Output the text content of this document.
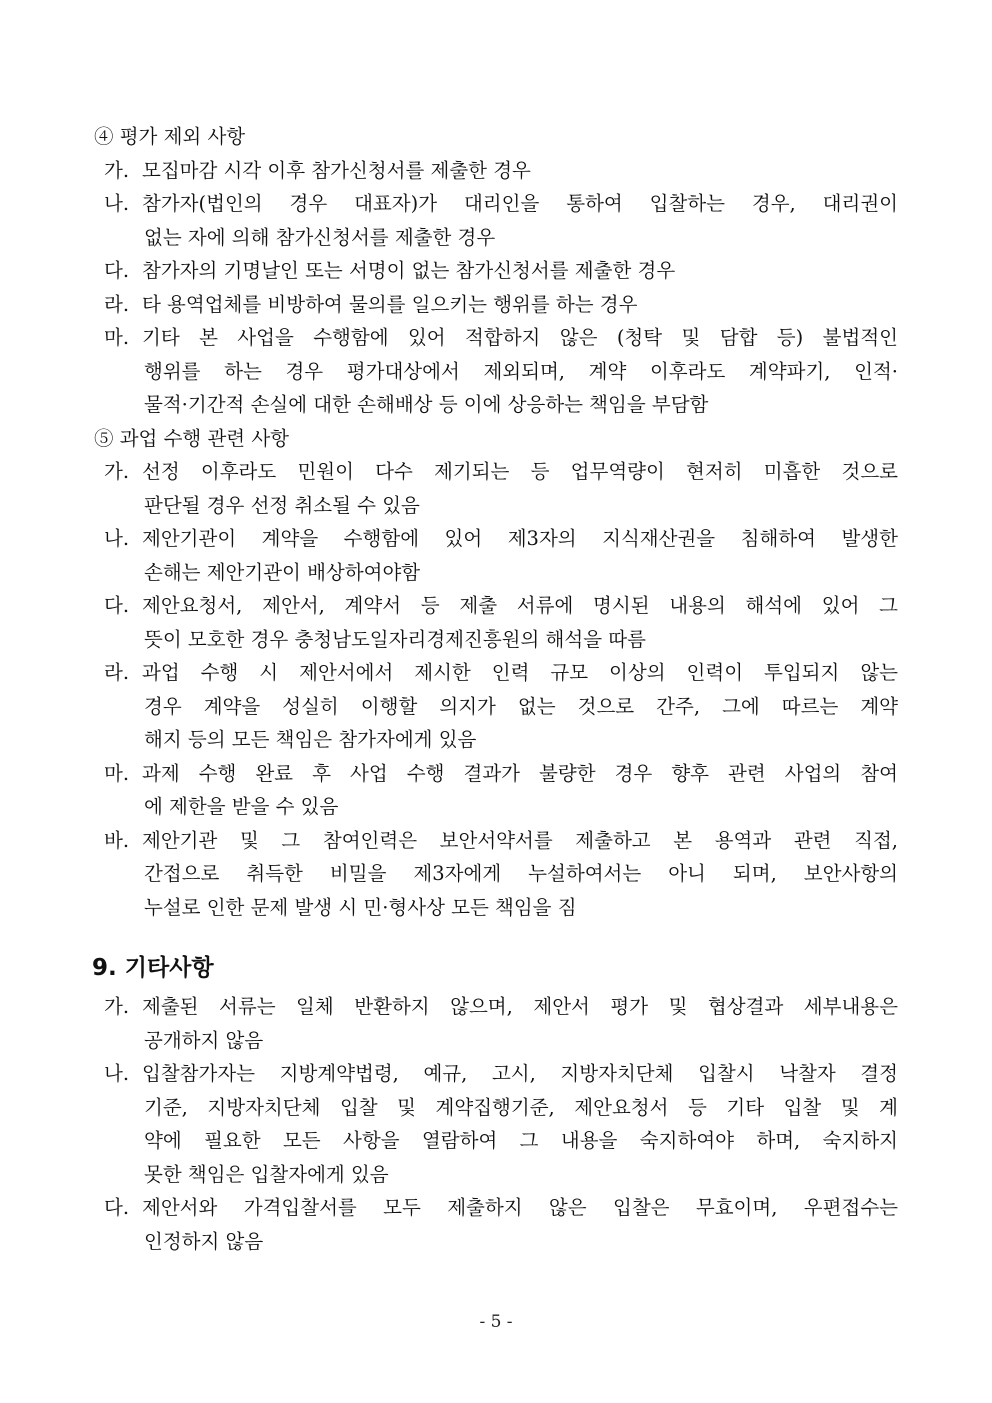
④ 평가 제외 사항
가. 모집마감 시각 이후 참가신청서를 제출한 경우
나. 참가자(법인의 경우 대표자)가 대리인을 통하여 입찰하는 경우, 대리권이
없는 자에 의해 참가신청서를 제출한 경우
다. 참가자의 기명날인 또는 서명이 없는 참가신청서를 제출한 경우
라. 타 용역업체를 비방하여 물의를 일으키는 행위를 하는 경우
마. 기타 본 사업을 수행함에 있어 적합하지 않은 (청탁 및 담합 등) 불법적인
행위를 하는 경우 평가대상에서 제외되며, 계약 이후라도 계약파기, 인적·
물적·기간적 손실에 대한 손해배상 등 이에 상응하는 책임을 부담함
⑤ 과업 수행 관련 사항
가. 선정 이후라도 민원이 다수 제기되는 등 업무역량이 현저히 미흡한 것으로
판단될 경우 선정 취소될 수 있음
나. 제안기관이 계약을 수행함에 있어 제3자의 지식재산권을 침해하여 발생한
손해는 제안기관이 배상하여야함
다. 제안요청서, 제안서, 계약서 등 제출 서류에 명시된 내용의 해석에 있어 그
뜻이 모호한 경우 충청남도일자리경제진흥원의 해석을 따름
라. 과업 수행 시 제안서에서 제시한 인력 규모 이상의 인력이 투입되지 않는
경우 계약을 성실히 이행할 의지가 없는 것으로 간주, 그에 따르는 계약
해지 등의 모든 책임은 참가자에게 있음
마. 과제 수행 완료 후 사업 수행 결과가 불량한 경우 향후 관련 사업의 참여
에 제한을 받을 수 있음
바. 제안기관 및 그 참여인력은 보안서약서를 제출하고 본 용역과 관련 직접,
간접으로 취득한 비밀을 제3자에게 누설하여서는 아니 되며, 보안사항의
누설로 인한 문제 발생 시 민·형사상 모든 책임을 짐
9. 기타사항
가. 제출된 서류는 일체 반환하지 않으며, 제안서 평가 및 협상결과 세부내용은
공개하지 않음
나. 입찰참가자는 지방계약법령, 예규, 고시, 지방자치단체 입찰시 낙찰자 결정
기준, 지방자치단체 입찰 및 계약집행기준, 제안요청서 등 기타 입찰 및 계
약에 필요한 모든 사항을 열람하여 그 내용을 숙지하여야 하며, 숙지하지
못한 책임은 입찰자에게 있음
다. 제안서와 가격입찰서를 모두 제출하지 않은 입찰은 무효이며, 우편접수는
인정하지 않음
- 5 -
